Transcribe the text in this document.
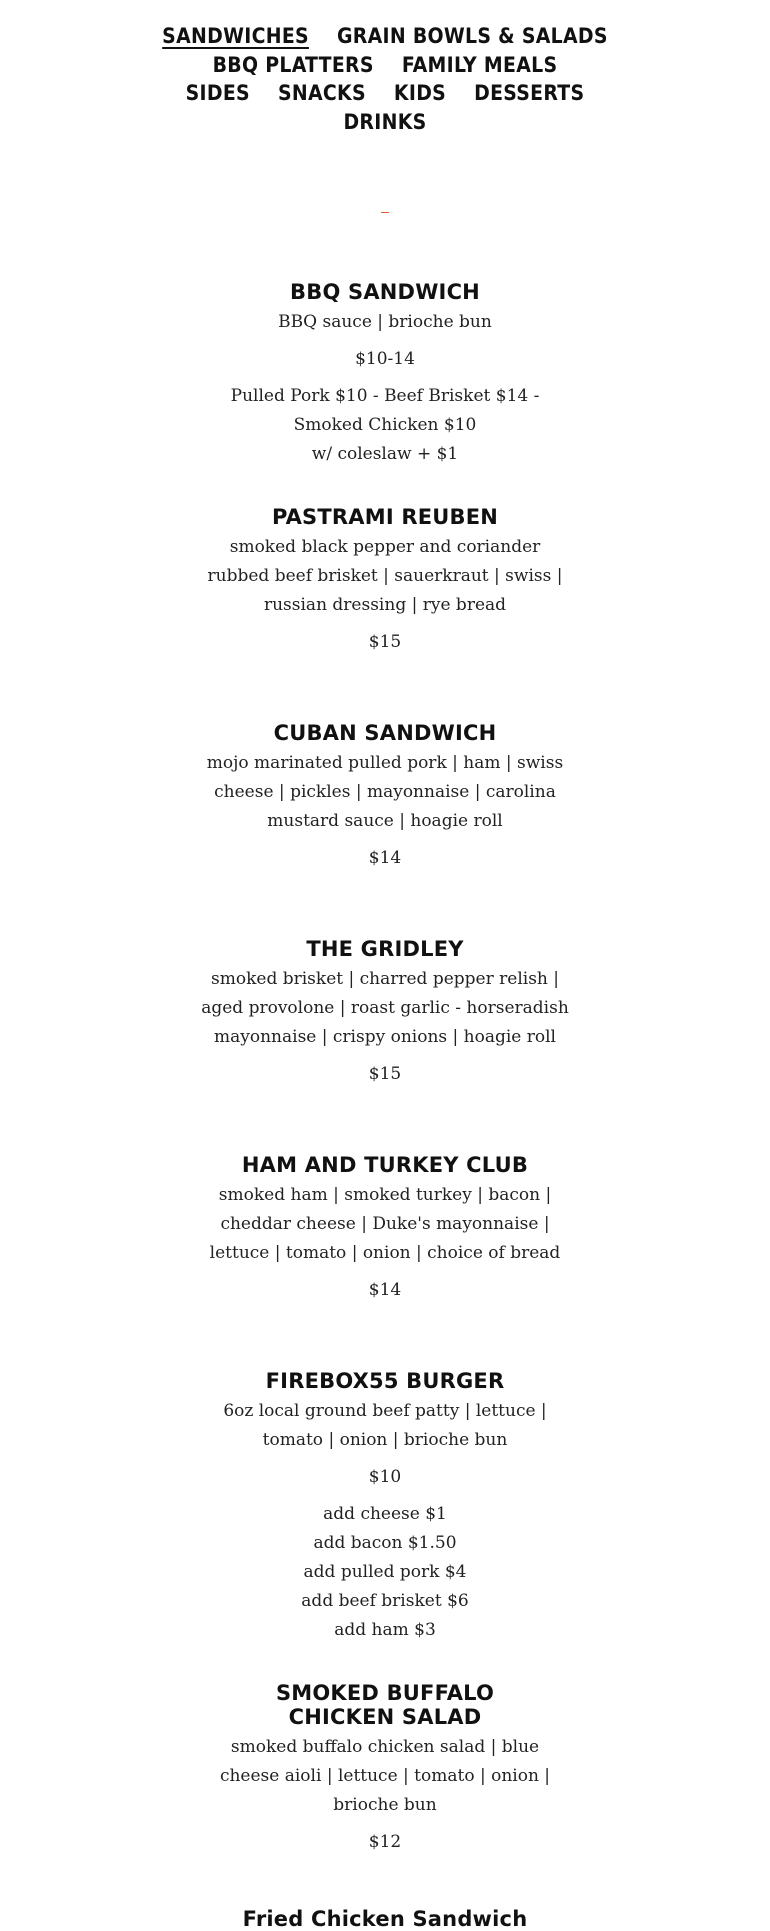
SANDWICHES GRAIN BOWLS & SALADS
BBQ PLATTERS FAMILY MEALS
SIDES SNACKS KIDS DESSERTS
DRINKS
BBQ SANDWICH

BBQ sauce | brioche bun

$10-14

Pulled Pork $10 - Beef Brisket $14 - Smoked Chicken $10
w/ coleslaw + $1
PASTRAMI REUBEN

smoked black pepper and coriander rubbed beef brisket | sauerkraut | swiss | russian dressing | rye bread

$15

CUBAN SANDWICH

mojo marinated pulled pork | ham | swiss cheese | pickles | mayonnaise | carolina mustard sauce | hoagie roll

$14

THE GRIDLEY

smoked brisket | charred pepper relish | aged provolone | roast garlic - horseradish mayonnaise | crispy onions | hoagie roll

$15

HAM AND TURKEY CLUB

smoked ham | smoked turkey | bacon | cheddar cheese | Duke's mayonnaise | lettuce | tomato | onion | choice of bread

$14

FIREBOX55 BURGER

6oz local ground beef patty | lettuce | tomato | onion | brioche bun

$10

add cheese $1
add bacon $1.50
add pulled pork $4
add beef brisket $6
add ham $3
SMOKED BUFFALO CHICKEN SALAD

smoked buffalo chicken salad | blue cheese aioli | lettuce | tomato | onion | brioche bun

$12

Fried Chicken Sandwich
